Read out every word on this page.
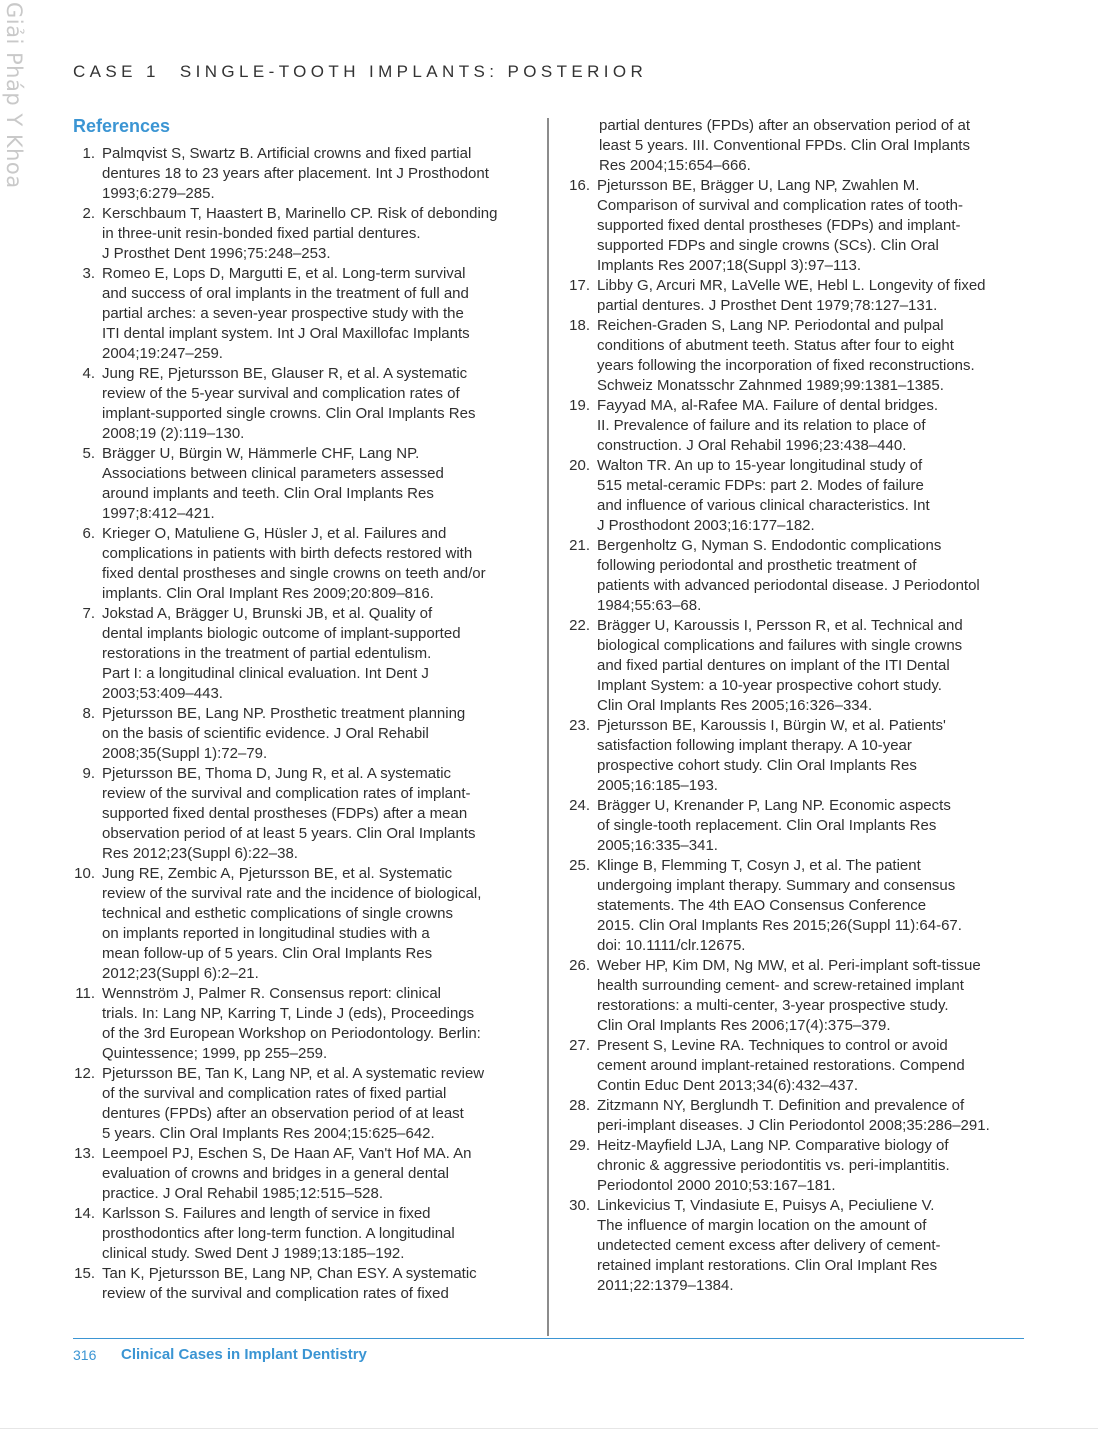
Giải Pháp Y Khoa	CASE 1 SINGLE-TOOTH IMPLANTS: POSTERIOR
References
1. Palmqvist S, Swartz B. Artificial crowns and fixed partial
dentures 18 to 23 years after placement. Int J Prosthodont
1993;6:279–285.
2. Kerschbaum T, Haastert B, Marinello CP. Risk of debonding
in three-unit resin-bonded fixed partial dentures.
J Prosthet Dent 1996;75:248–253.
3. Romeo E, Lops D, Margutti E, et al. Long-term survival
and success of oral implants in the treatment of full and
partial arches: a seven-year prospective study with the
ITI dental implant system. Int J Oral Maxillofac Implants
2004;19:247–259.
4. Jung RE, Pjetursson BE, Glauser R, et al. A systematic
review of the 5-year survival and complication rates of
implant-supported single crowns. Clin Oral Implants Res
2008;19 (2):119–130.
5. Brägger U, Bürgin W, Hämmerle CHF, Lang NP.
Associations between clinical parameters assessed
around implants and teeth. Clin Oral Implants Res
1997;8:412–421.
6. Krieger O, Matuliene G, Hüsler J, et al. Failures and
complications in patients with birth defects restored with
fixed dental prostheses and single crowns on teeth and/or
implants. Clin Oral Implant Res 2009;20:809–816.
7. Jokstad A, Brägger U, Brunski JB, et al. Quality of
dental implants biologic outcome of implant-supported
restorations in the treatment of partial edentulism.
Part I: a longitudinal clinical evaluation. Int Dent J
2003;53:409–443.
8. Pjetursson BE, Lang NP. Prosthetic treatment planning
on the basis of scientific evidence. J Oral Rehabil
2008;35(Suppl 1):72–79.
9. Pjetursson BE, Thoma D, Jung R, et al. A systematic
review of the survival and complication rates of implant-
supported fixed dental prostheses (FDPs) after a mean
observation period of at least 5 years. Clin Oral Implants
Res 2012;23(Suppl 6):22–38.
10. Jung RE, Zembic A, Pjetursson BE, et al. Systematic
review of the survival rate and the incidence of biological,
technical and esthetic complications of single crowns
on implants reported in longitudinal studies with a
mean follow-up of 5 years. Clin Oral Implants Res
2012;23(Suppl 6):2–21.
11. Wennström J, Palmer R. Consensus report: clinical
trials. In: Lang NP, Karring T, Linde J (eds), Proceedings
of the 3rd European Workshop on Periodontology. Berlin:
Quintessence; 1999, pp 255–259.
12. Pjetursson BE, Tan K, Lang NP, et al. A systematic review
of the survival and complication rates of fixed partial
dentures (FPDs) after an observation period of at least
5 years. Clin Oral Implants Res 2004;15:625–642.
13. Leempoel PJ, Eschen S, De Haan AF, Van't Hof MA. An
evaluation of crowns and bridges in a general dental
practice. J Oral Rehabil 1985;12:515–528.
14. Karlsson S. Failures and length of service in fixed
prosthodontics after long-term function. A longitudinal
clinical study. Swed Dent J 1989;13:185–192.
15. Tan K, Pjetursson BE, Lang NP, Chan ESY. A systematic
review of the survival and complication rates of fixed
partial dentures (FPDs) after an observation period of at
least 5 years. III. Conventional FPDs. Clin Oral Implants
Res 2004;15:654–666.
16. Pjetursson BE, Brägger U, Lang NP, Zwahlen M.
Comparison of survival and complication rates of tooth-
supported fixed dental prostheses (FDPs) and implant-
supported FDPs and single crowns (SCs). Clin Oral
Implants Res 2007;18(Suppl 3):97–113.
17. Libby G, Arcuri MR, LaVelle WE, Hebl L. Longevity of fixed
partial dentures. J Prosthet Dent 1979;78:127–131.
18. Reichen-Graden S, Lang NP. Periodontal and pulpal
conditions of abutment teeth. Status after four to eight
years following the incorporation of fixed reconstructions.
Schweiz Monatsschr Zahnmed 1989;99:1381–1385.
19. Fayyad MA, al-Rafee MA. Failure of dental bridges.
II. Prevalence of failure and its relation to place of
construction. J Oral Rehabil 1996;23:438–440.
20. Walton TR. An up to 15-year longitudinal study of
515 metal-ceramic FDPs: part 2. Modes of failure
and influence of various clinical characteristics. Int
J Prosthodont 2003;16:177–182.
21. Bergenholtz G, Nyman S. Endodontic complications
following periodontal and prosthetic treatment of
patients with advanced periodontal disease. J Periodontol
1984;55:63–68.
22. Brägger U, Karoussis I, Persson R, et al. Technical and
biological complications and failures with single crowns
and fixed partial dentures on implant of the ITI Dental
Implant System: a 10-year prospective cohort study.
Clin Oral Implants Res 2005;16:326–334.
23. Pjetursson BE, Karoussis I, Bürgin W, et al. Patients'
satisfaction following implant therapy. A 10-year
prospective cohort study. Clin Oral Implants Res
2005;16:185–193.
24. Brägger U, Krenander P, Lang NP. Economic aspects
of single-tooth replacement. Clin Oral Implants Res
2005;16:335–341.
25. Klinge B, Flemming T, Cosyn J, et al. The patient
undergoing implant therapy. Summary and consensus
statements. The 4th EAO Consensus Conference
2015. Clin Oral Implants Res 2015;26(Suppl 11):64-67.
doi: 10.1111/clr.12675.
26. Weber HP, Kim DM, Ng MW, et al. Peri-implant soft-tissue
health surrounding cement- and screw-retained implant
restorations: a multi-center, 3-year prospective study.
Clin Oral Implants Res 2006;17(4):375–379.
27. Present S, Levine RA. Techniques to control or avoid
cement around implant-retained restorations. Compend
Contin Educ Dent 2013;34(6):432–437.
28. Zitzmann NY, Berglundh T. Definition and prevalence of
peri-implant diseases. J Clin Periodontol 2008;35:286–291.
29. Heitz-Mayfield LJA, Lang NP. Comparative biology of
chronic & aggressive periodontitis vs. peri-implantitis.
Periodontol 2000 2010;53:167–181.
30. Linkevicius T, Vindasiute E, Puisys A, Peciuliene V.
The influence of margin location on the amount of
undetected cement excess after delivery of cement-
retained implant restorations. Clin Oral Implant Res
2011;22:1379–1384.
316 Clinical Cases in Implant Dentistry
